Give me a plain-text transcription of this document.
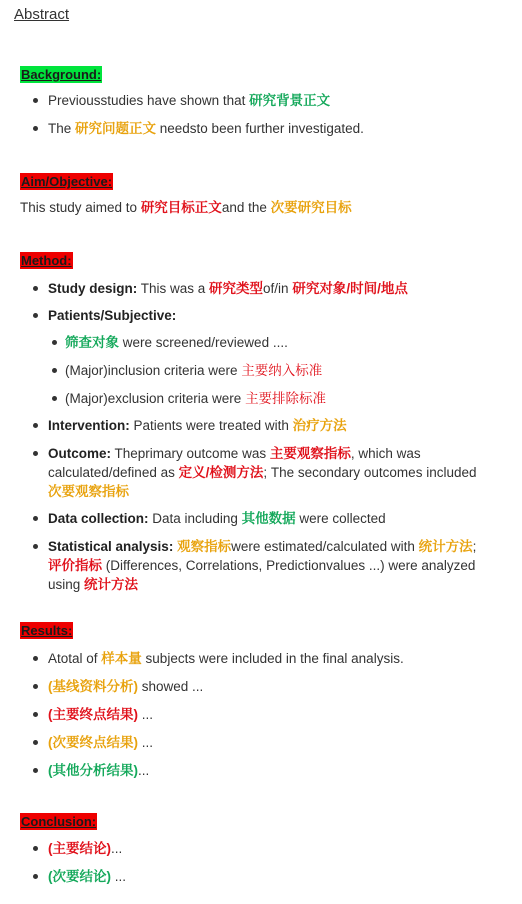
Abstract
Background:
Previousstudies have shown that 研究背景正文
The 研究问题正文 needsto been further investigated.
Aim/Objective:
This study aimed to 研究目标正文and the 次要研究目标
Method:
Study design: This was a 研究类型of/in 研究对象/时间/地点
Patients/Subjective:
筛查对象 were screened/reviewed ....
(Major)inclusion criteria were 主要纳入标准
(Major)exclusion criteria were 主要排除标准
Intervention: Patients were treated with 治疗方法
Outcome: Theprimary outcome was 主要观察指标, which was
calculated/defined as 定义/检测方法; The secondary outcomes included
次要观察指标
Data collection: Data including 其他数据 were collected
Statistical analysis: 观察指标were estimated/calculated with 统计方法;
评价指标 (Differences, Correlations, Predictionvalues ...) were analyzed
using 统计方法
Results:
Atotal of 样本量 subjects were included in the final analysis.
(基线资料分析) showed ...
(主要终点结果) ...
(次要终点结果) ...
(其他分析结果)...
Conclusion:
(主要结论)...
(次要结论) ...
